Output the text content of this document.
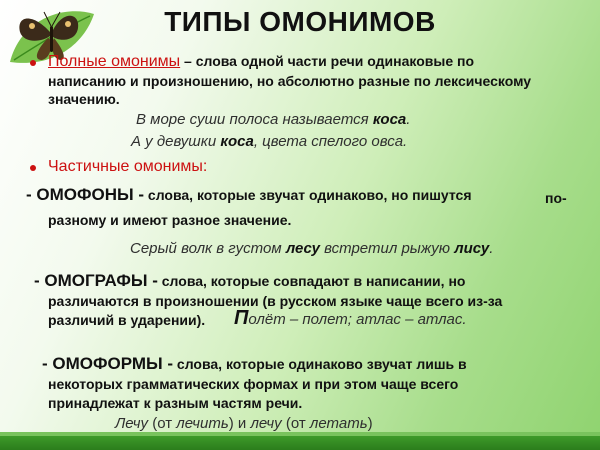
ТИПЫ ОМОНИМОВ
Полные омонимы – слова одной части речи одинаковые по
написанию и произношению, но абсолютно разные по лексическому
значению.
В море суши полоса называется коса.
А у девушки коса, цвета спелого овса.
Частичные омонимы:
- ОМОФОНЫ - слова, которые звучат одинаково, но пишутся	по-
разному и имеют разное значение.
Серый волк в густом лесу встретил рыжую лису.
- ОМОГРАФЫ - слова, которые совпадают в написании, но
различаются в произношении (в русском языке чаще всего из-за
различий в ударении). Полёт – полет; атлас – атлас.
- ОМОФОРМЫ - слова, которые одинаково звучат лишь в
некоторых грамматических формах и при этом чаще всего
принадлежат к разным частям речи.
Лечу (от лечить) и лечу (от летать)
